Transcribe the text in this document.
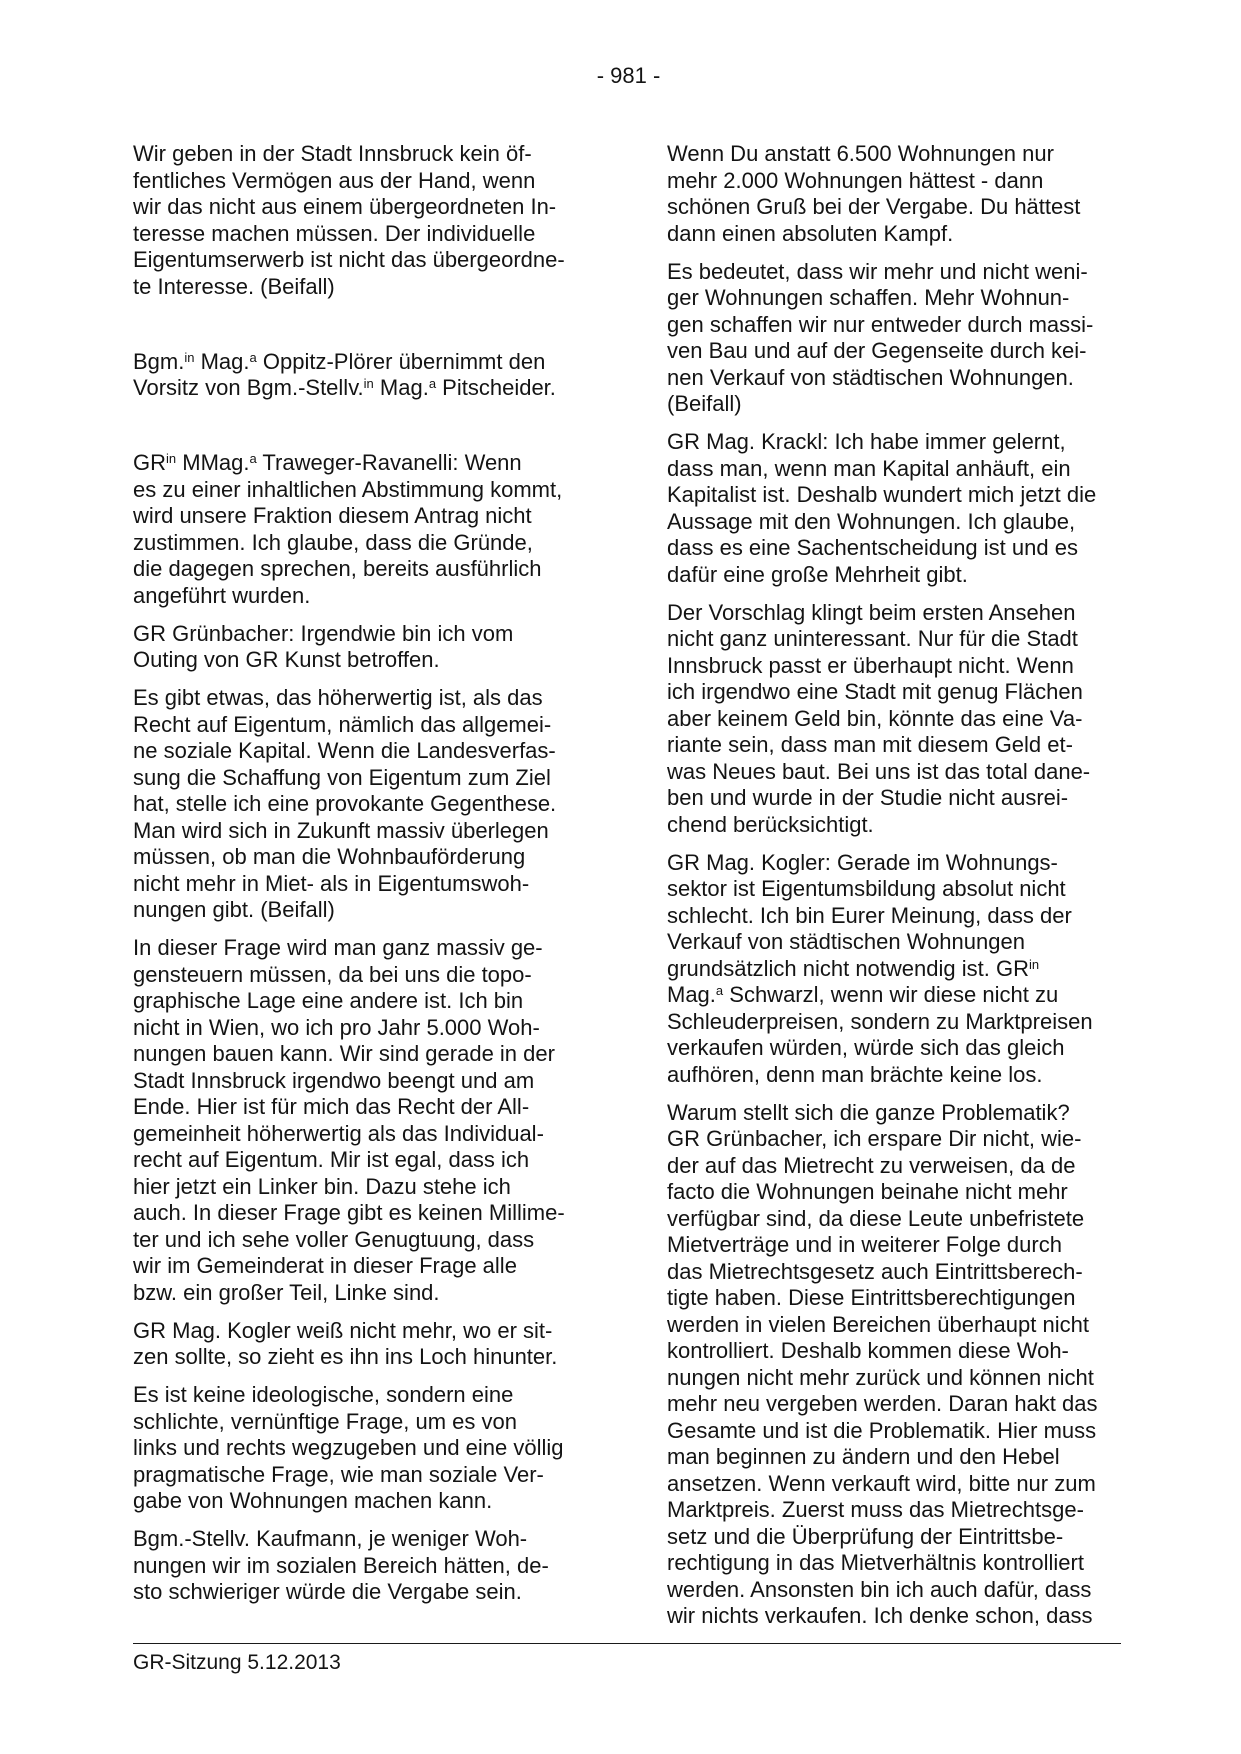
- 981 -
Wir geben in der Stadt Innsbruck kein öf-
fentliches Vermögen aus der Hand, wenn
wir das nicht aus einem übergeordneten In-
teresse machen müssen. Der individuelle
Eigentumserwerb ist nicht das übergeordne-
te Interesse. (Beifall)
Bgm.$^{in}$ Mag.$^a$ Oppitz-Plörer übernimmt den
Vorsitz von Bgm.-Stellv.$^{in}$ Mag.$^a$ Pitscheider.
$GR^{in}$ MMag.$^a$ Traweger-Ravanelli: Wenn
es zu einer inhaltlichen Abstimmung kommt,
wird unsere Fraktion diesem Antrag nicht
zustimmen. Ich glaube, dass die Gründe,
die dagegen sprechen, bereits ausführlich
angeführt wurden.
GR Grünbacher: Irgendwie bin ich vom
Outing von GR Kunst betroffen.
Es gibt etwas, das höherwertig ist, als das
Recht auf Eigentum, nämlich das allgemei-
ne soziale Kapital. Wenn die Landesverfas-
sung die Schaffung von Eigentum zum Ziel
hat, stelle ich eine provokante Gegenthese.
Man wird sich in Zukunft massiv überlegen
müssen, ob man die Wohnbauförderung
nicht mehr in Miet- als in Eigentumswoh-
nungen gibt. (Beifall)
In dieser Frage wird man ganz massiv ge-
gensteuern müssen, da bei uns die topo-
graphische Lage eine andere ist. Ich bin
nicht in Wien, wo ich pro Jahr 5.000 Woh-
nungen bauen kann. Wir sind gerade in der
Stadt Innsbruck irgendwo beengt und am
Ende. Hier ist für mich das Recht der All-
gemeinheit höherwertig als das Individual-
recht auf Eigentum. Mir ist egal, dass ich
hier jetzt ein Linker bin. Dazu stehe ich
auch. In dieser Frage gibt es keinen Millime-
ter und ich sehe voller Genugtuung, dass
wir im Gemeinderat in dieser Frage alle
bzw. ein großer Teil, Linke sind.
GR Mag. Kogler weiß nicht mehr, wo er sit-
zen sollte, so zieht es ihn ins Loch hinunter.
Es ist keine ideologische, sondern eine
schlichte, vernünftige Frage, um es von
links und rechts wegzugeben und eine völlig
pragmatische Frage, wie man soziale Ver-
gabe von Wohnungen machen kann.
Bgm.-Stellv. Kaufmann, je weniger Woh-
nungen wir im sozialen Bereich hätten, de-
sto schwieriger würde die Vergabe sein.
Wenn Du anstatt 6.500 Wohnungen nur
mehr 2.000 Wohnungen hättest - dann
schönen Gruß bei der Vergabe. Du hättest
dann einen absoluten Kampf.
Es bedeutet, dass wir mehr und nicht weni-
ger Wohnungen schaffen. Mehr Wohnun-
gen schaffen wir nur entweder durch massi-
ven Bau und auf der Gegenseite durch kei-
nen Verkauf von städtischen Wohnungen.
(Beifall)
GR Mag. Krackl: Ich habe immer gelernt,
dass man, wenn man Kapital anhäuft, ein
Kapitalist ist. Deshalb wundert mich jetzt die
Aussage mit den Wohnungen. Ich glaube,
dass es eine Sachentscheidung ist und es
dafür eine große Mehrheit gibt.
Der Vorschlag klingt beim ersten Ansehen
nicht ganz uninteressant. Nur für die Stadt
Innsbruck passt er überhaupt nicht. Wenn
ich irgendwo eine Stadt mit genug Flächen
aber keinem Geld bin, könnte das eine Va-
riante sein, dass man mit diesem Geld et-
was Neues baut. Bei uns ist das total dane-
ben und wurde in der Studie nicht ausrei-
chend berücksichtigt.
GR Mag. Kogler: Gerade im Wohnungs-
sektor ist Eigentumsbildung absolut nicht
schlecht. Ich bin Eurer Meinung, dass der
Verkauf von städtischen Wohnungen
grundsätzlich nicht notwendig ist. $GR^{in}$
Mag.$^a$ Schwarzl, wenn wir diese nicht zu
Schleuderpreisen, sondern zu Marktpreisen
verkaufen würden, würde sich das gleich
aufhören, denn man brächte keine los.
Warum stellt sich die ganze Problematik?
GR Grünbacher, ich erspare Dir nicht, wie-
der auf das Mietrecht zu verweisen, da de
facto die Wohnungen beinahe nicht mehr
verfügbar sind, da diese Leute unbefristete
Mietverträge und in weiterer Folge durch
das Mietrechtsgesetz auch Eintrittsberech-
tigte haben. Diese Eintrittsberechtigungen
werden in vielen Bereichen überhaupt nicht
kontrolliert. Deshalb kommen diese Woh-
nungen nicht mehr zurück und können nicht
mehr neu vergeben werden. Daran hakt das
Gesamte und ist die Problematik. Hier muss
man beginnen zu ändern und den Hebel
ansetzen. Wenn verkauft wird, bitte nur zum
Marktpreis. Zuerst muss das Mietrechtsge-
setz und die Überprüfung der Eintrittsbe-
rechtigung in das Mietverhältnis kontrolliert
werden. Ansonsten bin ich auch dafür, dass
wir nichts verkaufen. Ich denke schon, dass
GR-Sitzung 5.12.2013
